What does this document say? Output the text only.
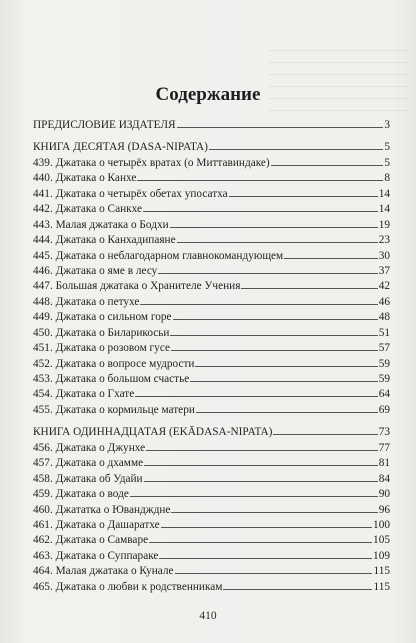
Содержание
ПРЕДИСЛОВИЕ ИЗДАТЕЛЯ	3
КНИГА ДЕСЯТАЯ (DASA-NIPATA)	5
439. Джатака о четырёх вратах (о Миттавиндаке)	5
440. Джатака о Канхе	8
441. Джатака о четырёх обетах упосатха	14
442. Джатака о Санкхе	14
443. Малая джатака о Бодхи	19
444. Джатака о Канхадипаяне	23
445. Джатака о неблагодарном главнокомандующем	30
446. Джатака о яме в лесу	37
447. Большая джатака о Хранителе Учения	42
448. Джатака о петухе	46
449. Джатака о сильном горе	48
450. Джатака о Биларикосьи	51
451. Джатака о розовом гусе	57
452. Джатака о вопросе мудрости	59
453. Джатака о большом счастье	59
454. Джатака о Гхате	64
455. Джатака о кормильце матери	69
КНИГА ОДИННАДЦАТАЯ (EKĀDASA-NIPATA)	73
456. Джатака о Джунхе	77
457. Джатака о дхамме	81
458. Джатака об Удайи	84
459. Джатака о воде	90
460. Джататка о Ювандждне	96
461. Джатака о Дашаратхе	100
462. Джатака о Самваре	105
463. Джатака о Суппараке	109
464. Малая джатака о Кунале	115
465. Джатака о любви к родственникам	115
410
